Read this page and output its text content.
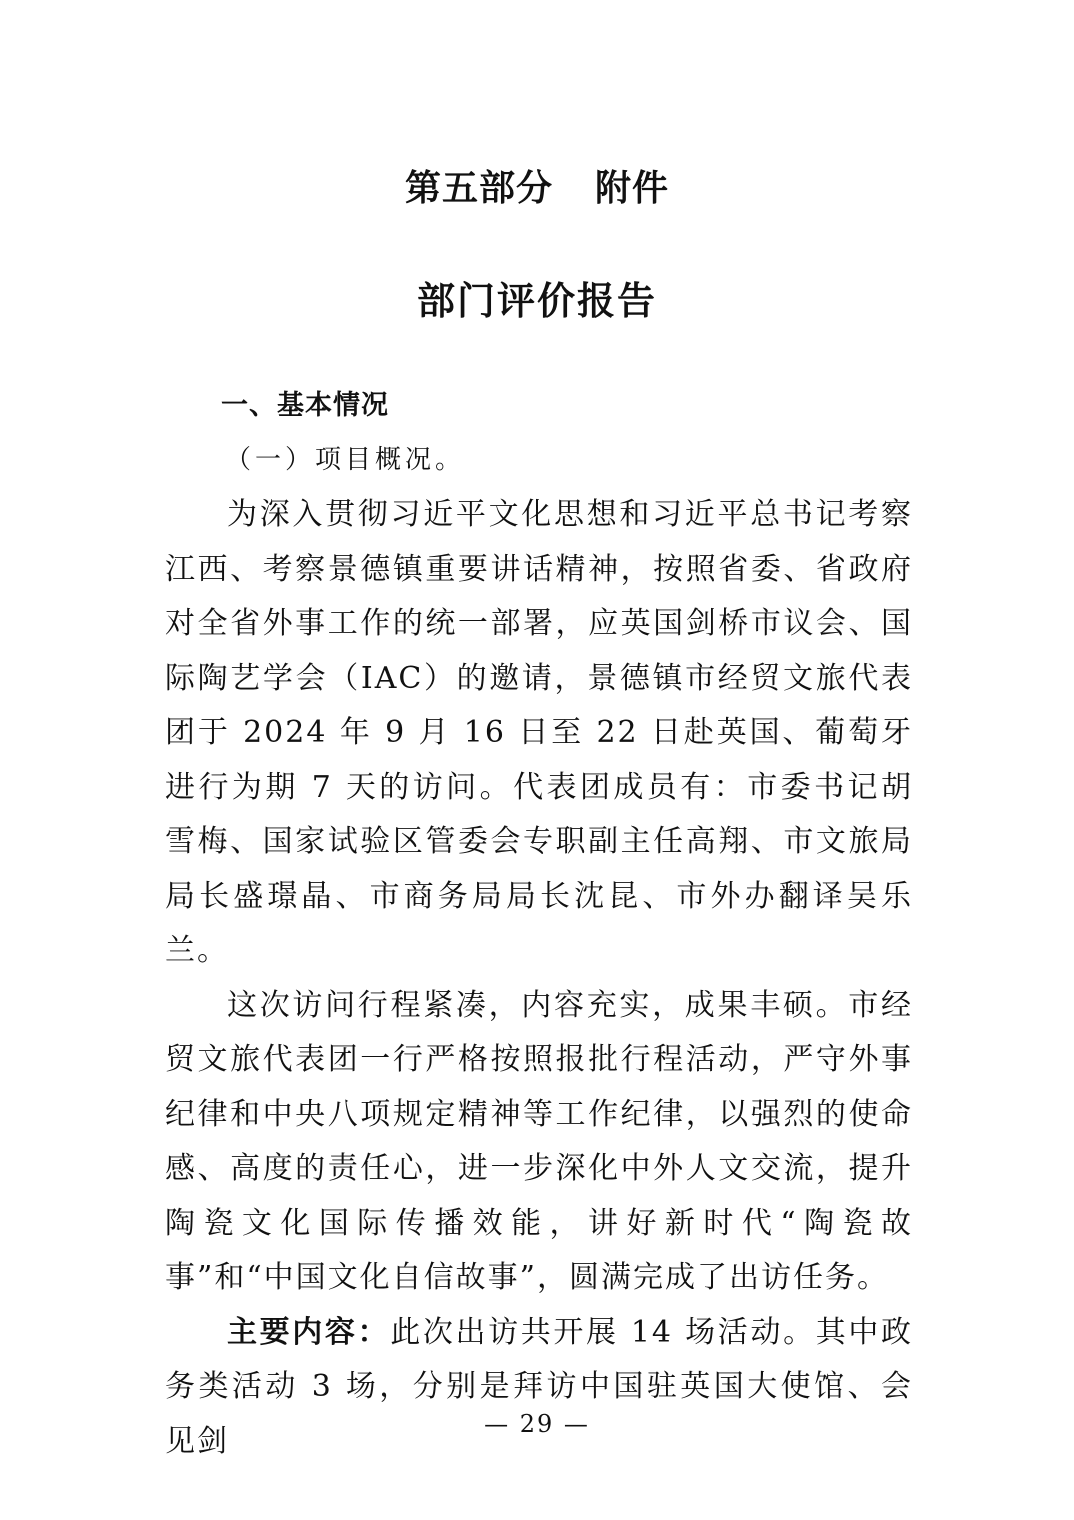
第五部分 附件
部门评价报告
一、基本情况
（一）项目概况。

为深入贯彻习近平文化思想和习近平总书记考察江西、考察景德镇重要讲话精神，按照省委、省政府对全省外事工作的统一部署，应英国剑桥市议会、国际陶艺学会（IAC）的邀请，景德镇市经贸文旅代表团于 2024 年 9 月 16 日至 22 日赴英国、葡萄牙进行为期 7 天的访问。代表团成员有：市委书记胡雪梅、国家试验区管委会专职副主任高翔、市文旅局局长盛璟晶、市商务局局长沈昆、市外办翻译吴乐兰。

这次访问行程紧凑，内容充实，成果丰硕。市经贸文旅代表团一行严格按照报批行程活动，严守外事纪律和中央八项规定精神等工作纪律，以强烈的使命感、高度的责任心，进一步深化中外人文交流，提升陶瓷文化国际传播效能，讲好新时代“陶瓷故事”和“中国文化自信故事”，圆满完成了出访任务。

主要内容：此次出访共开展 14 场活动。其中政务类活动 3 场，分别是拜访中国驻英国大使馆、会见剑	— 29 —
